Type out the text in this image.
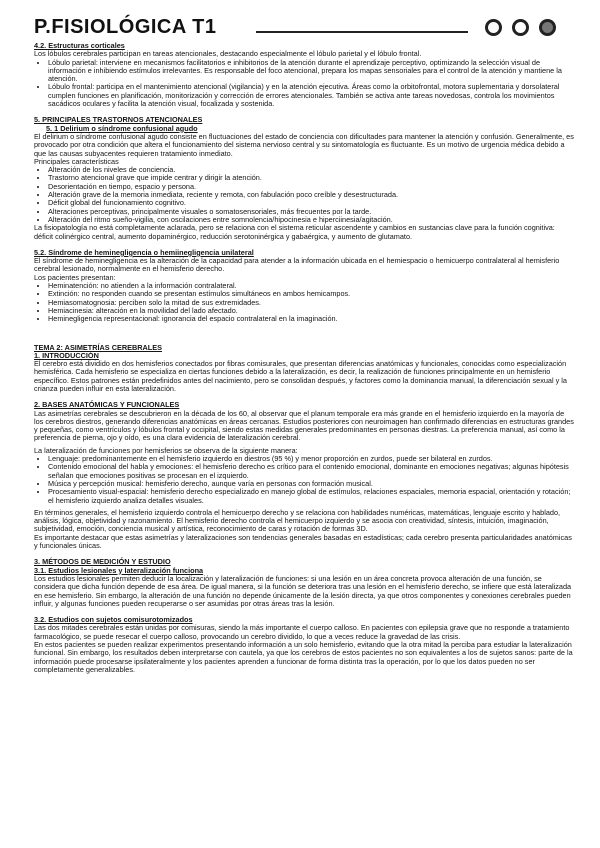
P.FISIOLÓGICA T1

4.2. Estructuras corticales

Los lóbulos cerebrales participan en tareas atencionales, destacando especialmente el lóbulo parietal y el lóbulo frontal.

• Lóbulo parietal: interviene en mecanismos facilitatorios e inhibitorios de la atención durante el aprendizaje perceptivo, optimizando la selección visual de información e inhibiendo estímulos irrelevantes. Es responsable del foco atencional, prepara los mapas sensoriales para el control de la atención y mantiene la atención.
• Lóbulo frontal: participa en el mantenimiento atencional (vigilancia) y en la atención ejecutiva. Áreas como la orbitofrontal, motora suplementaria y dorsolateral cumplen funciones en planificación, monitorización y corrección de errores atencionales. También se activa ante tareas novedosas, controla los movimientos sacádicos oculares y facilita la atención visual, focalizada y sostenida.

5. PRINCIPALES TRASTORNOS ATENCIONALES

5. 1 Delirium o síndrome confusional agudo

El delirium o síndrome confusional agudo consiste en fluctuaciones del estado de conciencia con dificultades para mantener la atención y confusión. Generalmente, es provocado por otra condición que altera el funcionamiento del sistema nervioso central y su sintomatología es fluctuante. Es un motivo de urgencia médica debido a que las causas subyacentes requieren tratamiento inmediato.

Principales características

• Alteración de los niveles de conciencia.
• Trastorno atencional grave que impide centrar y dirigir la atención.
• Desorientación en tiempo, espacio y persona.
• Alteración grave de la memoria inmediata, reciente y remota, con fabulación poco creíble y desestructurada.
• Déficit global del funcionamiento cognitivo.
• Alteraciones perceptivas, principalmente visuales o somatosensoriales, más frecuentes por la tarde.
• Alteración del ritmo sueño-vigilia, con oscilaciones entre somnolencia/hipocinesia e hiperciinesia/agitación.

La fisiopatología no está completamente aclarada, pero se relaciona con el sistema reticular ascendente y cambios en sustancias clave para la función cognitiva: déficit colinérgico central, aumento dopaminérgico, reducción serotoninérgica y gabaérgica, y aumento de glutamato.

5.2. Síndrome de heminegligencia o hemiinegligencia unilateral

El síndrome de heminegligencia es la alteración de la capacidad para atender a la información ubicada en el hemiespacio o hemicuerpo contralateral al hemisferio cerebral lesionado, normalmente en el hemisferio derecho.

Los pacientes presentan:

• Heminatención: no atienden a la información contralateral.
• Extinción: no responden cuando se presentan estímulos simultáneos en ambos hemicampos.
• Hemiasomatognosia: perciben solo la mitad de sus extremidades.
• Hemiacinesia: alteración en la movilidad del lado afectado.
• Heminegligencia representacional: ignorancia del espacio contralateral en la imaginación.

TEMA 2: ASIMETRÍAS CEREBRALES

1. INTRODUCCIÓN

El cerebro está dividido en dos hemisferios conectados por fibras comisurales, que presentan diferencias anatómicas y funcionales, conocidas como especialización hemisférica. Cada hemisferio se especializa en ciertas funciones debido a la lateralización, es decir, la realización de funciones principalmente en un hemisferio específico. Estos patrones están predefinidos antes del nacimiento, pero se consolidan después, y factores como la dominancia manual, la diferenciación sexual y la crianza pueden influir en esta lateralización.

2. BASES ANATÓMICAS Y FUNCIONALES

Las asimetrías cerebrales se descubrieron en la década de los 60, al observar que el planum temporale era más grande en el hemisferio izquierdo en la mayoría de los cerebros diestros, generando diferencias anatómicas en áreas cercanas. Estudios posteriores con neuroimagen han confirmado diferencias en estructuras grandes y pequeñas, como ventrículos y lóbulos frontal y occipital, siendo estas medidas generales predominantes en personas diestras. La preferencia manual, así como la preferencia de pierna, ojo y oído, es una clara evidencia de lateralización cerebral.

La lateralización de funciones por hemisferios se observa de la siguiente manera:

• Lenguaje: predominantemente en el hemisferio izquierdo en diestros (95 %) y menor proporción en zurdos, puede ser bilateral en zurdos.
• Contenido emocional del habla y emociones: el hemisferio derecho es crítico para el contenido emocional, dominante en emociones negativas; algunas hipótesis señalan que emociones positivas se procesan en el izquierdo.
• Música y percepción musical: hemisferio derecho, aunque varía en personas con formación musical.
• Procesamiento visual-espacial: hemisferio derecho especializado en manejo global de estímulos, relaciones espaciales, memoria espacial, orientación y rotación; el hemisferio izquierdo analiza detalles visuales.

En términos generales, el hemisferio izquierdo controla el hemicuerpo derecho y se relaciona con habilidades numéricas, matemáticas, lenguaje escrito y hablado, análisis, lógica, objetividad y razonamiento. El hemisferio derecho controla el hemicuerpo izquierdo y se asocia con creatividad, síntesis, intuición, imaginación, subjetividad, emoción, conciencia musical y artística, reconocimiento de caras y rotación de formas 3D.

Es importante destacar que estas asimetrías y lateralizaciones son tendencias generales basadas en estadísticas; cada cerebro presenta particularidades anatómicas y funcionales únicas.

3. MÉTODOS DE MEDICIÓN Y ESTUDIO

3.1. Estudios lesionales y lateralización funciona

Los estudios lesionales permiten deducir la localización y lateralización de funciones: si una lesión en un área concreta provoca alteración de una función, se considera que dicha función depende de esa área. De igual manera, si la función se deteriora tras una lesión en el hemisferio derecho, se infiere que está lateralizada en ese hemisferio. Sin embargo, la alteración de una función no depende únicamente de la lesión directa, ya que otros componentes y conexiones cerebrales pueden influir, y algunas funciones pueden recuperarse o ser asumidas por otras áreas tras la lesión.

3.2. Estudios con sujetos comisurotomizados

Las dos mitades cerebrales están unidas por comisuras, siendo la más importante el cuerpo calloso. En pacientes con epilepsia grave que no responde a tratamiento farmacológico, se puede resecar el cuerpo calloso, provocando un cerebro dividido, lo que a veces reduce la gravedad de las crisis.

En estos pacientes se pueden realizar experimentos presentando información a un solo hemisferio, evitando que la otra mitad la perciba para estudiar la lateralización funcional. Sin embargo, los resultados deben interpretarse con cautela, ya que los cerebros de estos pacientes no son equivalentes a los de sujetos sanos: parte de la información puede procesarse ipsilateralmente y los pacientes aprenden a funcionar de forma distinta tras la operación, por lo que los datos pueden no ser completamente generalizables.
